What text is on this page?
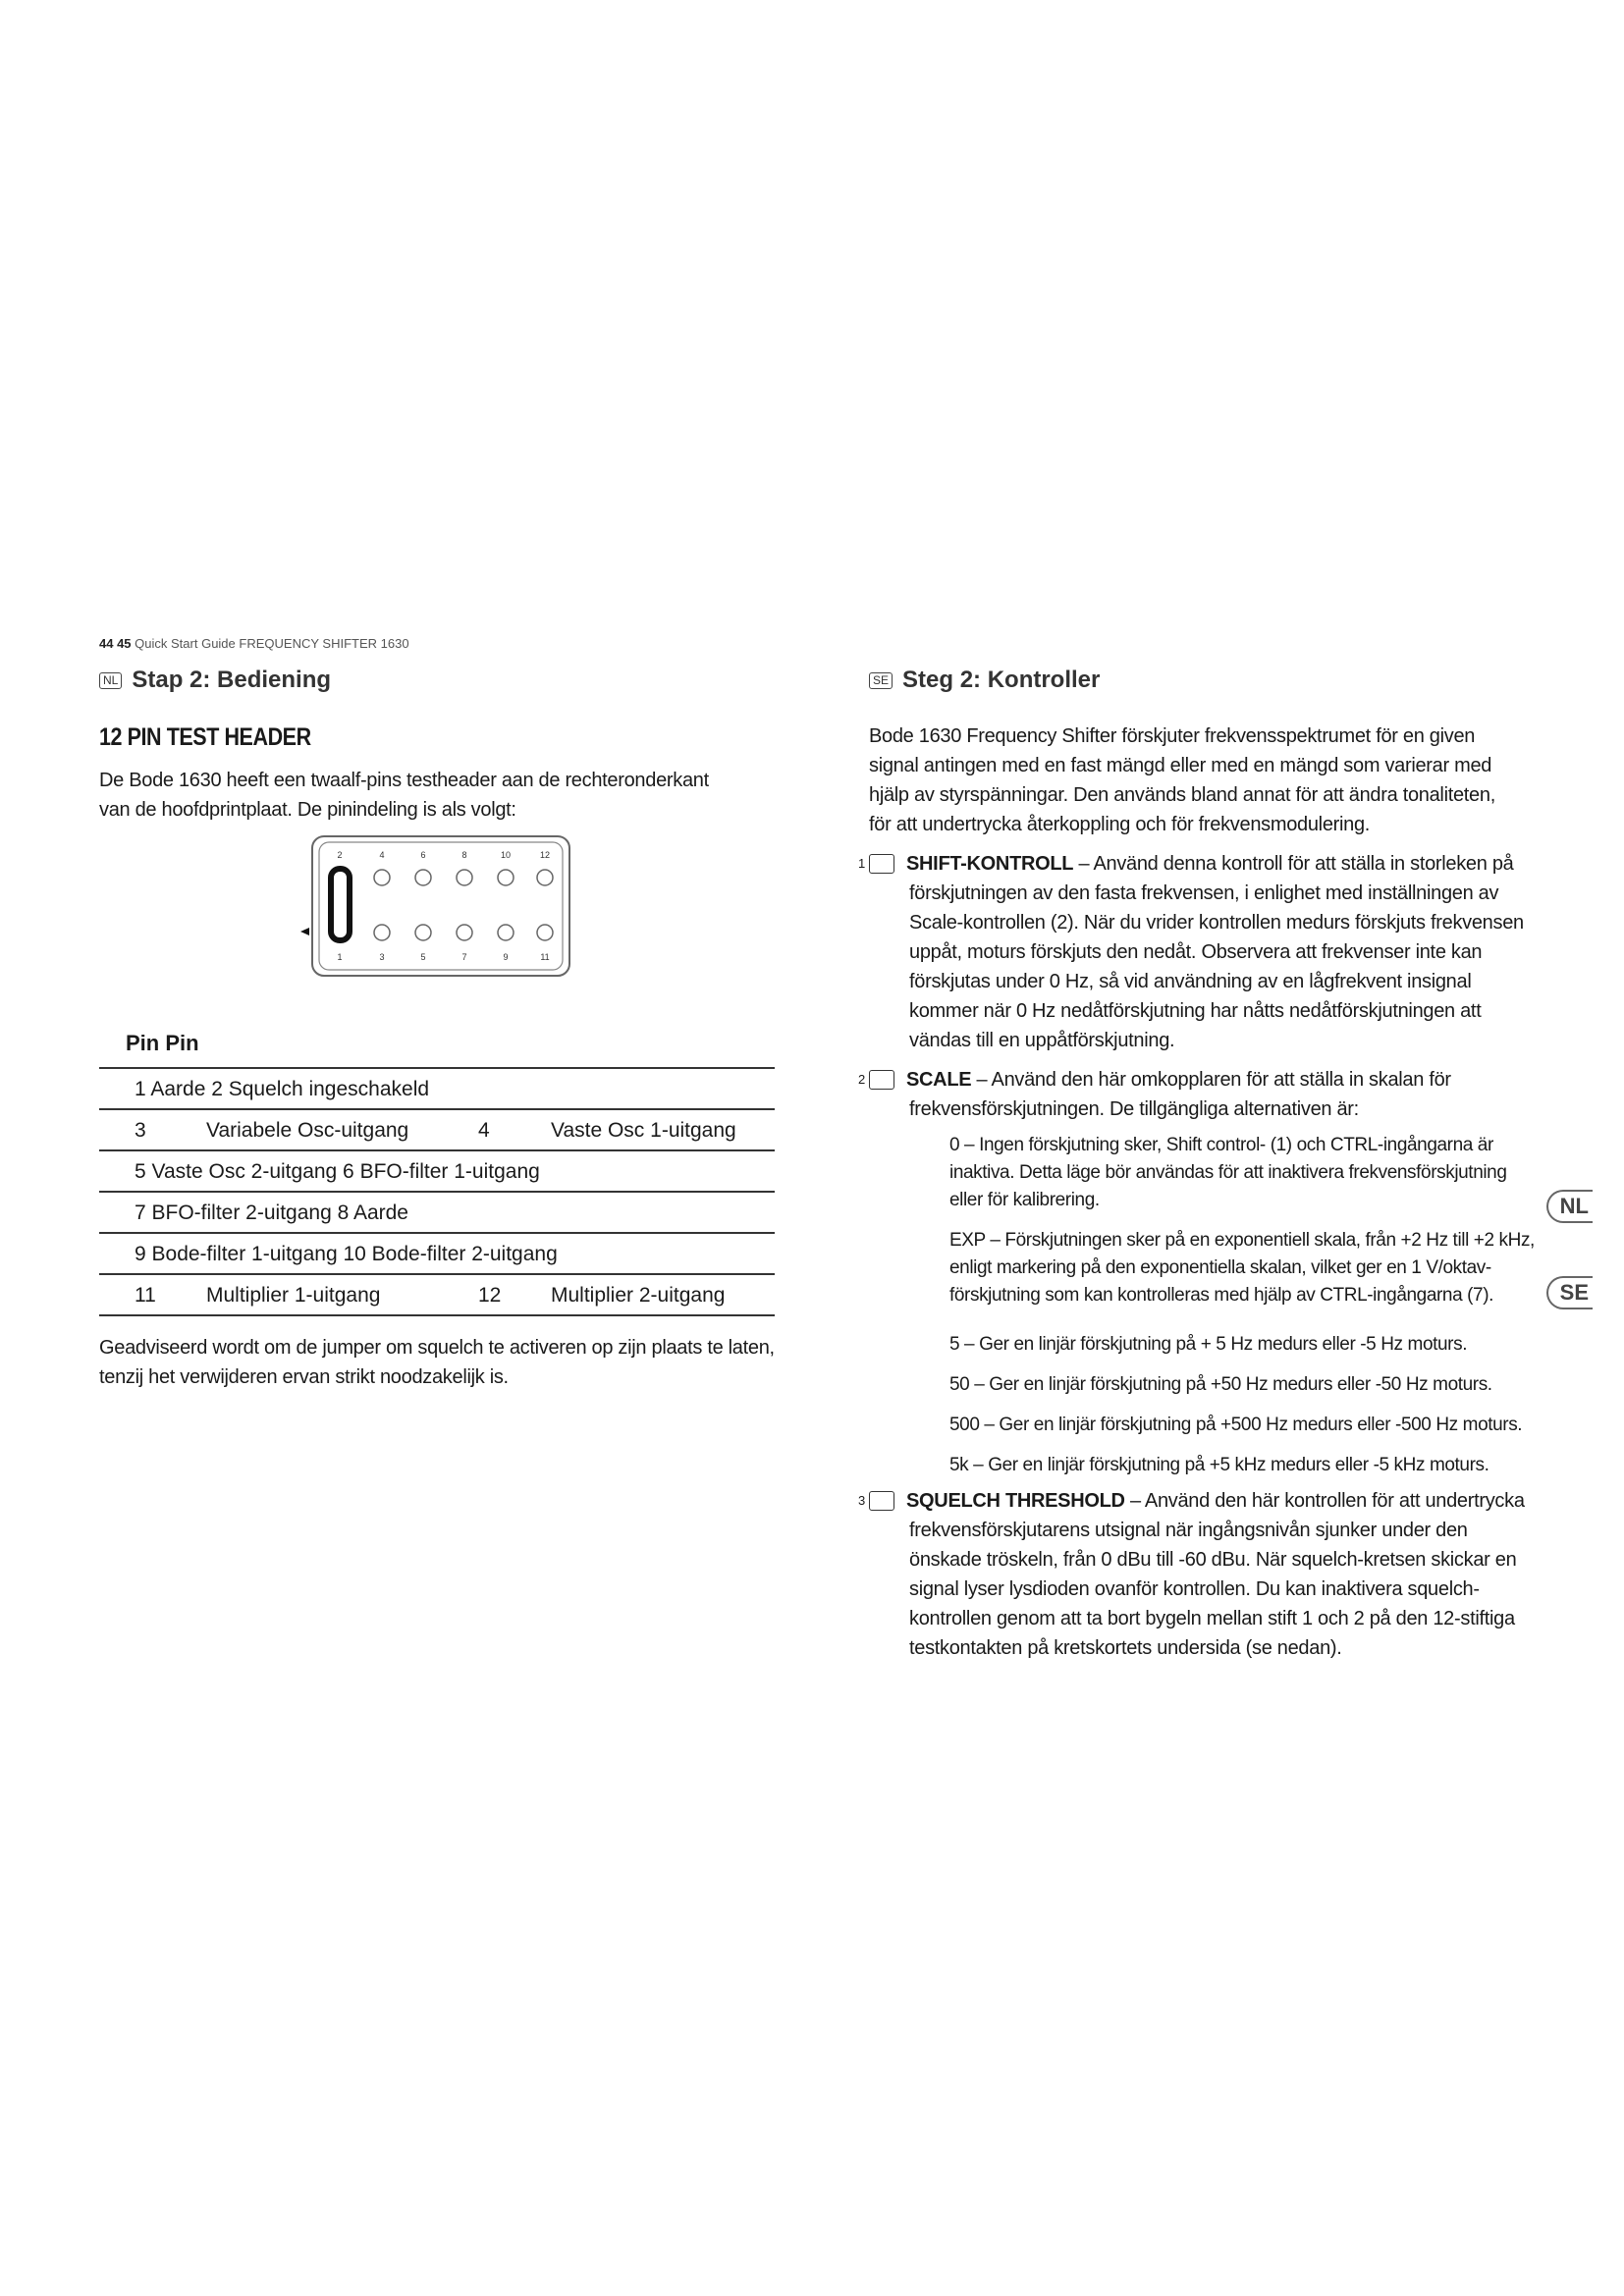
44 45 Quick Start Guide FREQUENCY SHIFTER 1630
NL Stap 2: Bediening
12 PIN TEST HEADER
De Bode 1630 heeft een twaalf-pins testheader aan de rechteronderkant van de hoofdprintplaat. De pinindeling is als volgt:
2	4	6	8	10	12
1	3	5	7	9	11
Pin Pin
1 Aarde 2 Squelch ingeschakeld
3	Variabele Osc-uitgang	4	Vaste Osc 1-uitgang
5 Vaste Osc 2-uitgang 6 BFO-filter 1-uitgang
7 BFO-filter 2-uitgang 8 Aarde
9 Bode-filter 1-uitgang 10 Bode-filter 2-uitgang
11 Multiplier 1-uitgang	12 Multiplier 2-uitgang
Geadviseerd wordt om de jumper om squelch te activeren op zijn plaats te laten, tenzij het verwijderen ervan strikt noodzakelijk is.
SE Steg 2: Kontroller
Bode 1630 Frequency Shifter förskjuter frekvensspektrumet för en given signal antingen med en fast mängd eller med en mängd som varierar med hjälp av styrspänningar. Den används bland annat för att ändra tonaliteten, för att undertrycka återkoppling och för frekvensmodulering.
1 SHIFT-KONTROLL – Använd denna kontroll för att ställa in storleken på förskjutningen av den fasta frekvensen, i enlighet med inställningen av Scale-kontrollen (2). När du vrider kontrollen medurs förskjuts frekvensen uppåt, moturs förskjuts den nedåt. Observera att frekvenser inte kan förskjutas under 0 Hz, så vid användning av en lågfrekvent insignal kommer när 0 Hz nedåtförskjutning har nåtts nedåtförskjutningen att vändas till en uppåtförskjutning.
2 SCALE – Använd den här omkopplaren för att ställa in skalan för frekvensförskjutningen. De tillgängliga alternativen är:
0 – Ingen förskjutning sker, Shift control- (1) och CTRL-ingångarna är inaktiva. Detta läge bör användas för att inaktivera frekvensförskjutning eller för kalibrering.
EXP – Förskjutningen sker på en exponentiell skala, från +2 Hz till +2 kHz, enligt markering på den exponentiella skalan, vilket ger en 1 V/oktav-förskjutning som kan kontrolleras med hjälp av CTRL-ingångarna (7).
5 – Ger en linjär förskjutning på + 5 Hz medurs eller -5 Hz moturs.
50 – Ger en linjär förskjutning på +50 Hz medurs eller -50 Hz moturs.
500 – Ger en linjär förskjutning på +500 Hz medurs eller -500 Hz moturs.
5k – Ger en linjär förskjutning på +5 kHz medurs eller -5 kHz moturs.
3 SQUELCH THRESHOLD – Använd den här kontrollen för att undertrycka frekvensförskjutarens utsignal när ingångsnivån sjunker under den önskade tröskeln, från 0 dBu till -60 dBu. När squelch-kretsen skickar en signal lyser lysdioden ovanför kontrollen. Du kan inaktivera squelch-kontrollen genom att ta bort bygeln mellan stift 1 och 2 på den 12-stiftiga testkontakten på kretskortets undersida (se nedan).
NL
SE
